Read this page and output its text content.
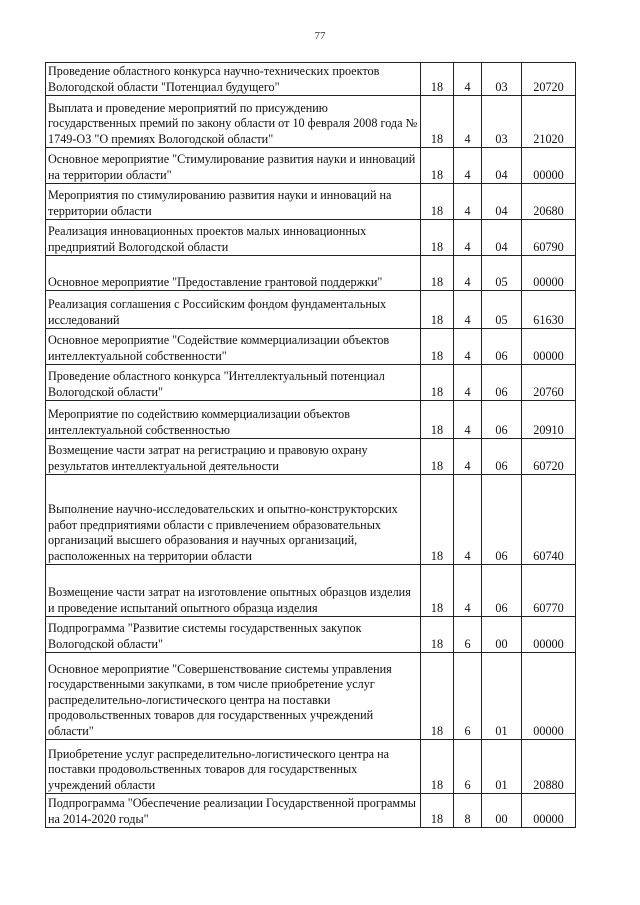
77
Проведение областного конкурса научно-технических проектов Вологодской области "Потенциал будущего"	18	4	03	20720
Выплата и проведение мероприятий по присуждению государственных премий по закону области от 10 февраля 2008 года № 1749-ОЗ "О премиях Вологодской области"	18	4	03	21020
Основное мероприятие "Стимулирование развития науки и инноваций на территории области"	18	4	04	00000
Мероприятия по стимулированию развития науки и инноваций на территории области	18	4	04	20680
Реализация инновационных проектов малых инновационных предприятий Вологодской области	18	4	04	60790
Основное мероприятие "Предоставление грантовой поддержки"	18	4	05	00000
Реализация соглашения с Российским фондом фундаментальных исследований	18	4	05	61630
Основное мероприятие "Содействие коммерциализации объектов интеллектуальной собственности"	18	4	06	00000
Проведение областного конкурса "Интеллектуальный потенциал Вологодской области"	18	4	06	20760
Мероприятие по содействию коммерциализации объектов интеллектуальной собственностью	18	4	06	20910
Возмещение части затрат на регистрацию и правовую охрану результатов интеллектуальной деятельности	18	4	06	60720
Выполнение научно-исследовательских и опытно-конструкторских работ предприятиями области с привлечением образовательных организаций высшего образования и научных организаций, расположенных на территории области	18	4	06	60740
Возмещение части затрат на изготовление опытных образцов изделия и проведение испытаний опытного образца изделия	18	4	06	60770
Подпрограмма "Развитие системы государственных закупок Вологодской области"	18	6	00	00000
Основное мероприятие "Совершенствование системы управления государственными закупками, в том числе приобретение услуг распределительно-логистического центра на поставки продовольственных товаров для государственных учреждений области"	18	6	01	00000
Приобретение услуг распределительно-логистического центра на поставки продовольственных товаров для государственных учреждений области	18	6	01	20880
Подпрограмма "Обеспечение реализации Государственной программы на 2014-2020 годы"	18	8	00	00000
